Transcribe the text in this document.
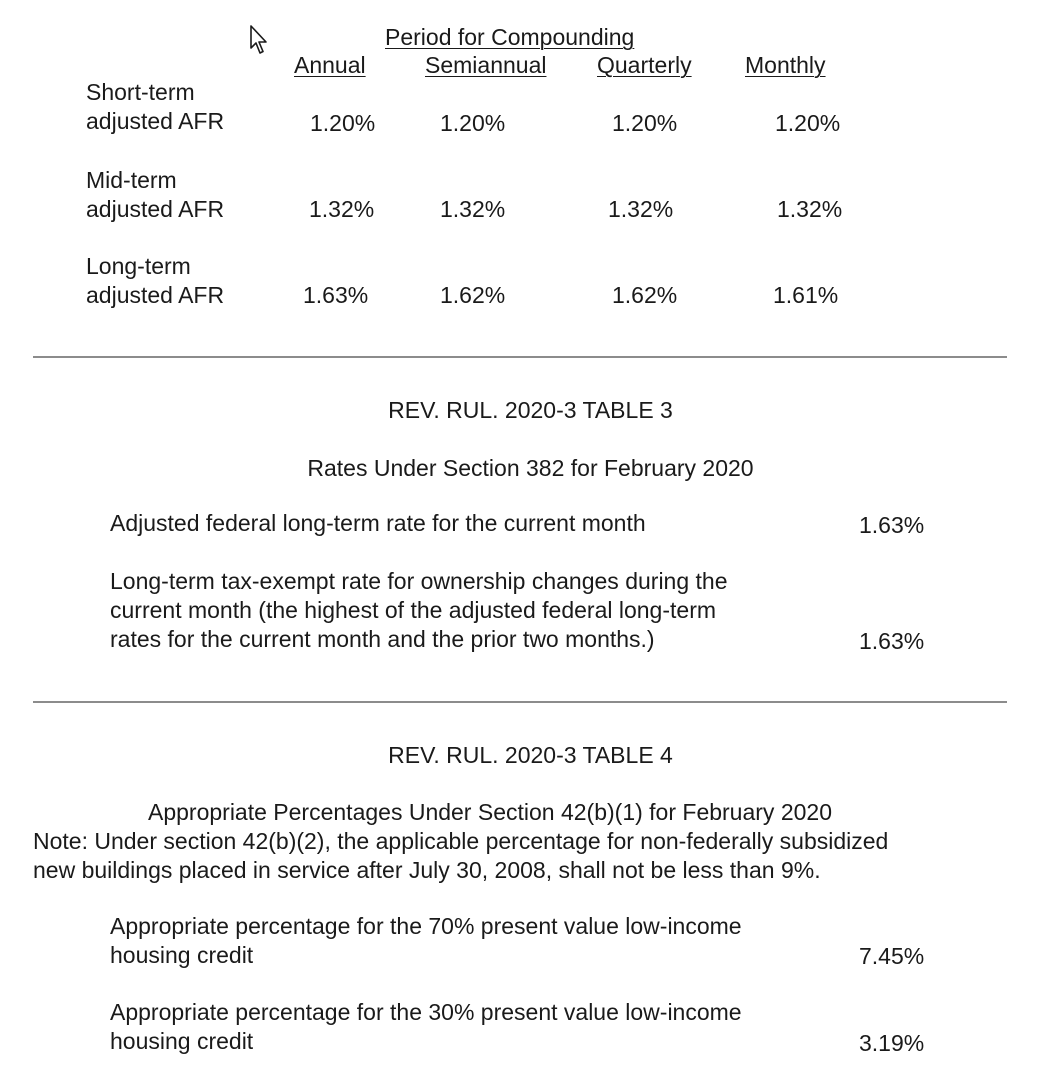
Period for Compounding
Annual	Semiannual Quarterly Monthly
Short-term
adjusted AFR	1.20%	1.20%	1.20%	1.20%
Mid-term
adjusted AFR	1.32%	1.32%	1.32%	1.32%
Long-term
adjusted AFR	1.63%	1.62%	1.62%	1.61%
REV. RUL. 2020-3 TABLE 3
Rates Under Section 382 for February 2020
Adjusted federal long-term rate for the current month	1.63%
Long-term tax-exempt rate for ownership changes during the
current month (the highest of the adjusted federal long-term
rates for the current month and the prior two months.)	1.63%
REV. RUL. 2020-3 TABLE 4
Appropriate Percentages Under Section 42(b)(1) for February 2020
Note: Under section 42(b)(2), the applicable percentage for non-federally subsidized
new buildings placed in service after July 30, 2008, shall not be less than 9%.
Appropriate percentage for the 70% present value low-income
housing credit	7.45%
Appropriate percentage for the 30% present value low-income
housing credit	3.19%
